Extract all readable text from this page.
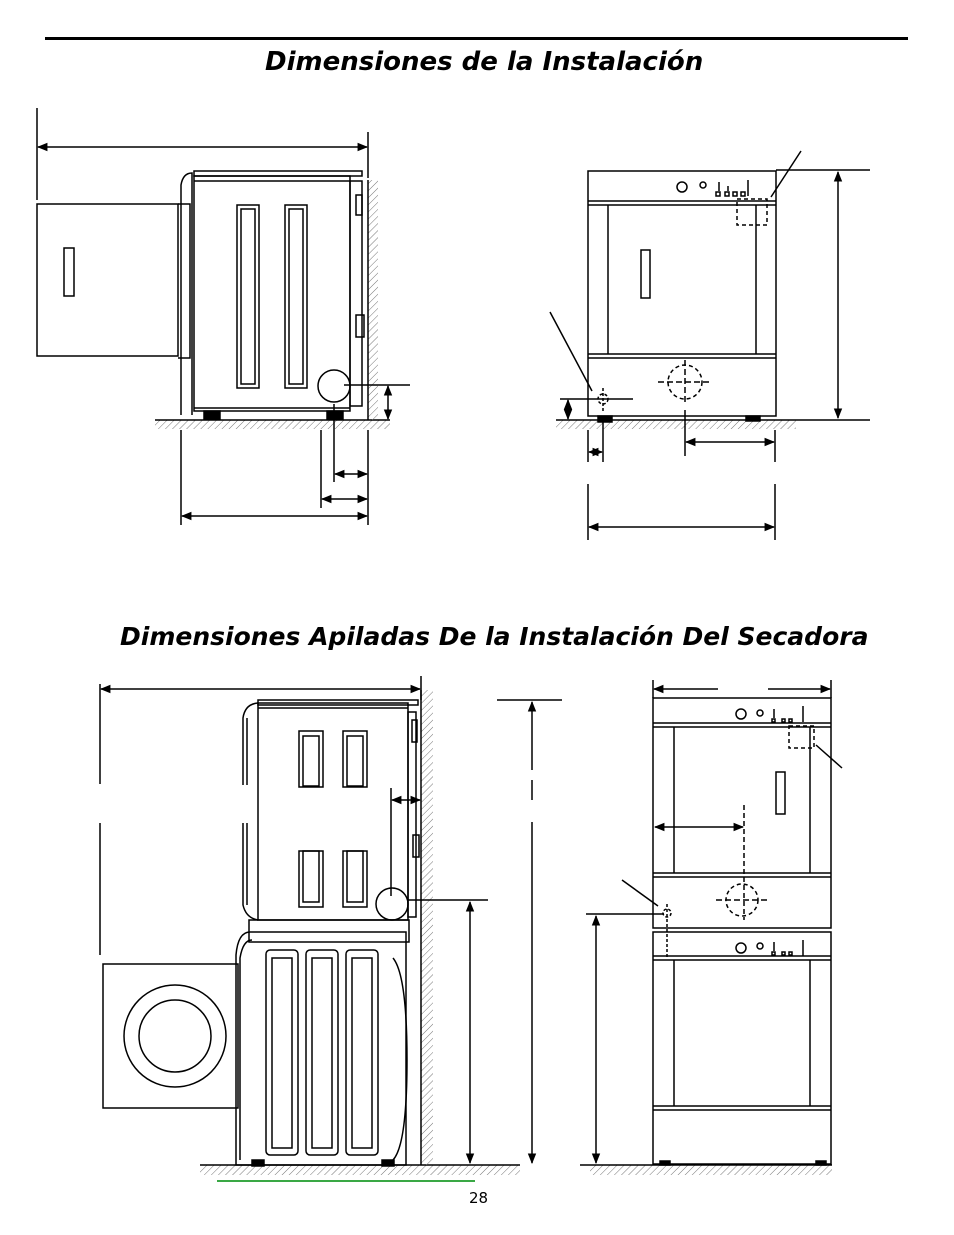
Dimensiones de la Instalación
Dimensiones Apiladas De la Instalación Del Secadora
28
